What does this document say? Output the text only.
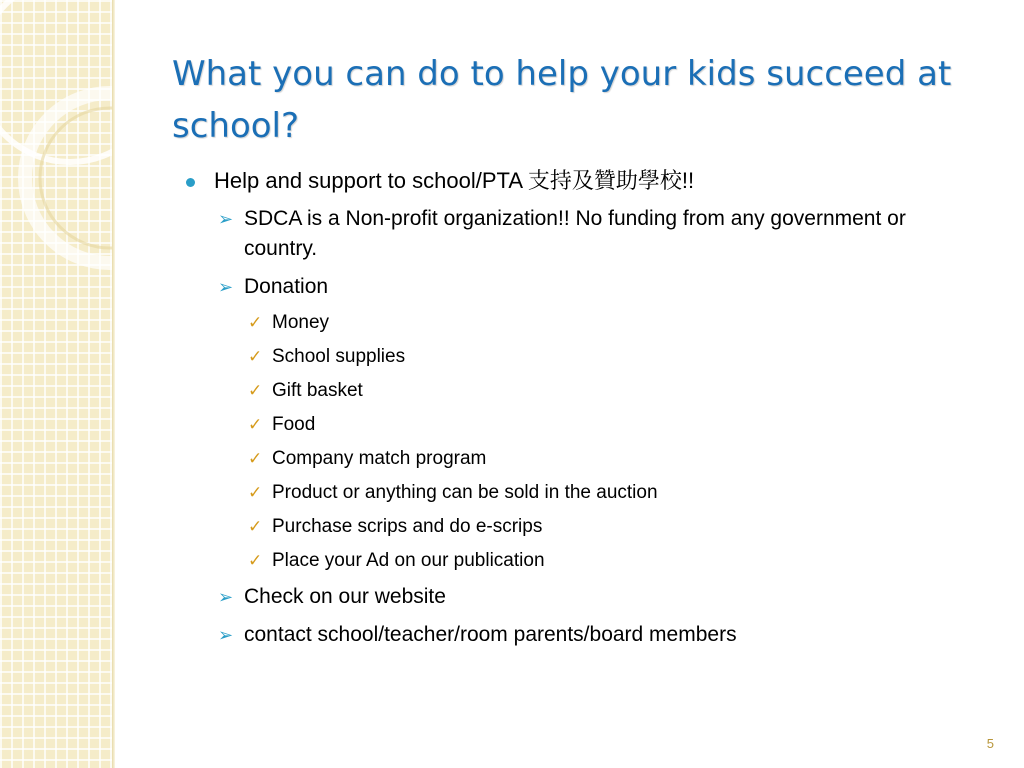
What you can do to help your kids succeed at school?
Help and support to school/PTA 支持及贊助學校!!
➢ SDCA is a Non-profit organization!! No funding from any government or country.
➢ Donation
✓ Money
✓ School supplies
✓ Gift basket
✓ Food
✓ Company match program
✓ Product or anything can be sold in the auction
✓ Purchase scrips and do e-scrips
✓ Place your Ad on our publication
➢ Check on our website
➢ contact school/teacher/room parents/board members
5
